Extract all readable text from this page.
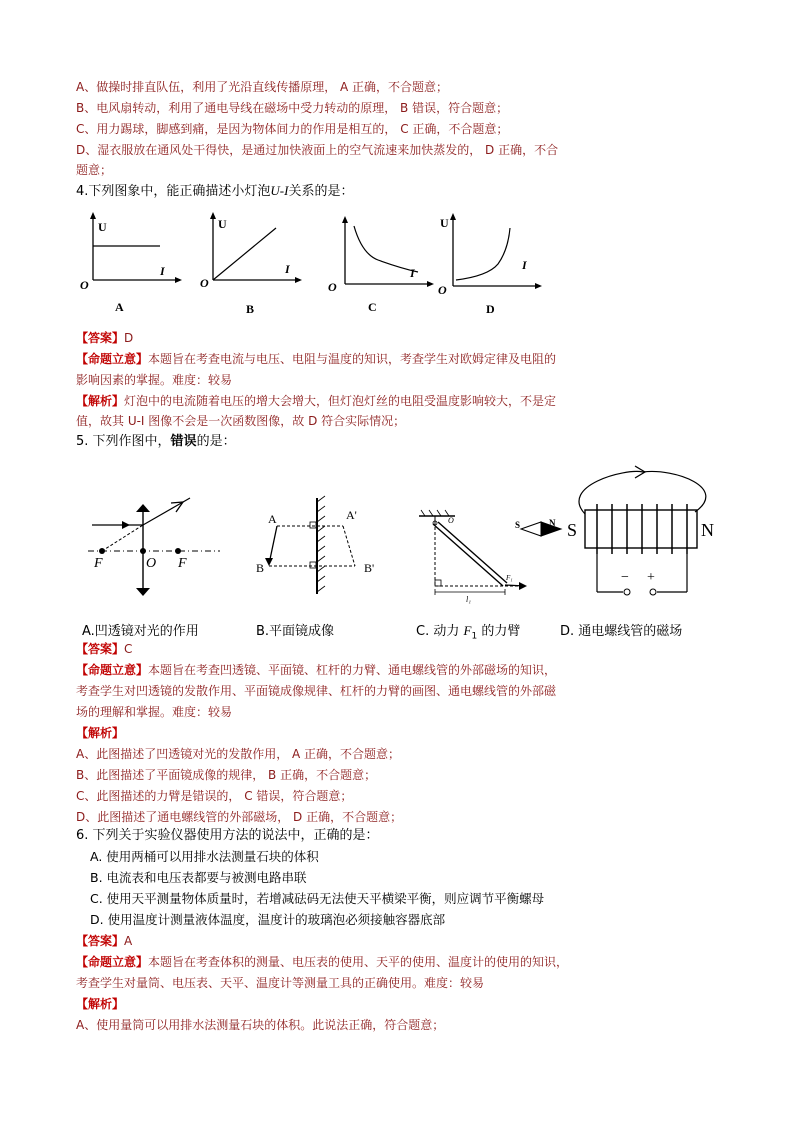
A、做操时排直队伍，利用了光沿直线传播原理， A 正确，不合题意；
B、电风扇转动，利用了通电导线在磁场中受力转动的原理， B 错误，符合题意；
C、用力踢球，脚感到痛，是因为物体间力的作用是相互的， C 正确，不合题意；
D、湿衣服放在通风处干得快，是通过加快液面上的空气流速来加快蒸发的， D 正确，不合
题意；
4.下列图象中，能正确描述小灯泡U-I关系的是：
U
I
O
A
U
I
O
B
I
O
C
U
I
O
D
【答案】D
【命题立意】本题旨在考查电流与电压、电阻与温度的知识，考查学生对欧姆定律及电阻的
影响因素的掌握。难度：较易
【解析】灯泡中的电流随着电压的增大会增大，但灯泡灯丝的电阻受温度影响较大，不是定
值，故其 U-I 图像不会是一次函数图像，故 D 符合实际情况；
5. 下列作图中，错误的是：
F	O F
A	A'
B	B'
O
F₁
l₁
S	N S	N
− +
A.凹透镜对光的作用	B.平面镜成像	C. 动力 $F_1$ 的力臂	D. 通电螺线管的磁场
【答案】C
【命题立意】本题旨在考查凹透镜、平面镜、杠杆的力臂、通电螺线管的外部磁场的知识，
考查学生对凹透镜的发散作用、平面镜成像规律、杠杆的力臂的画图、通电螺线管的外部磁
场的理解和掌握。难度：较易
【解析】
A、此图描述了凹透镜对光的发散作用， A 正确，不合题意；
B、此图描述了平面镜成像的规律， B 正确，不合题意；
C、此图描述的力臂是错误的， C 错误，符合题意；
D、此图描述了通电螺线管的外部磁场， D 正确，不合题意；
6. 下列关于实验仪器使用方法的说法中，正确的是：
A. 使用两桶可以用排水法测量石块的体积
B. 电流表和电压表都要与被测电路串联
C. 使用天平测量物体质量时，若增减砝码无法使天平横梁平衡，则应调节平衡螺母
D. 使用温度计测量液体温度，温度计的玻璃泡必须接触容器底部
【答案】A
【命题立意】本题旨在考查体积的测量、电压表的使用、天平的使用、温度计的使用的知识，
考查学生对量筒、电压表、天平、温度计等测量工具的正确使用。难度：较易
【解析】
A、使用量筒可以用排水法测量石块的体积。此说法正确，符合题意；
